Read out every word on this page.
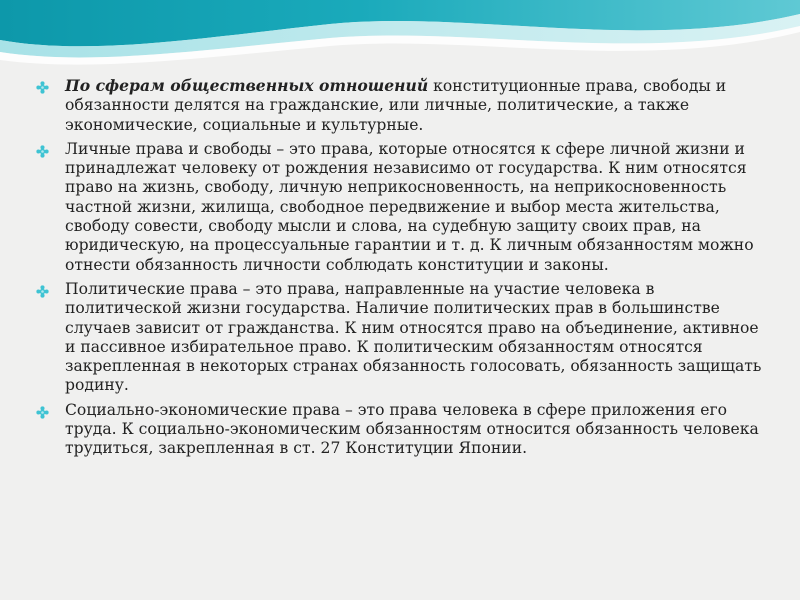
По сферам общественных отношений конституционные права, свободы и обязанности делятся на гражданские, или личные, политические, а также экономические, социальные и культурные.
Личные права и свободы – это права, которые относятся к сфере личной жизни и принадлежат человеку от рождения независимо от государства. К ним относятся право на жизнь, свободу, личную неприкосновенность, на неприкосновенность частной жизни, жилища, свободное передвижение и выбор места жительства, свободу совести, свободу мысли и слова, на судебную защиту своих прав, на юридическую, на процессуальные гарантии и т. д. К личным обязанностям можно отнести обязанность личности соблюдать конституции и законы.
Политические права – это права, направленные на участие человека в политической жизни государства. Наличие политических прав в большинстве случаев зависит от гражданства. К ним относятся право на объединение, активное и пассивное избирательное право. К политическим обязанностям относятся закрепленная в некоторых странах обязанность голосовать, обязанность защищать родину.
Социально-экономические права – это права человека в сфере приложения его труда. К социально-экономическим обязанностям относится обязанность человека трудиться, закрепленная в ст. 27 Конституции Японии.
